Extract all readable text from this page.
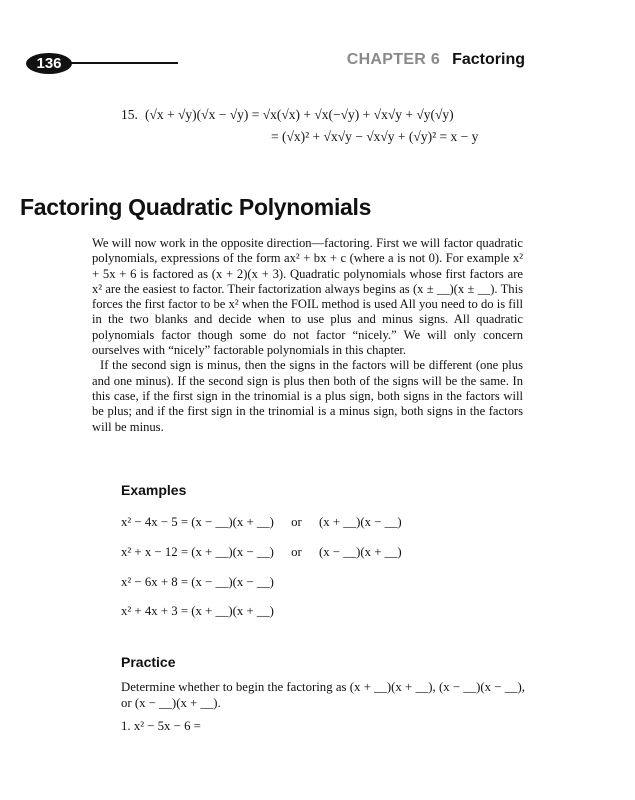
136	CHAPTER 6 Factoring
15. (√x + √y)(√x − √y) = √x(√x) + √x(−√y) + √x√y + √y(√y)
= (√x)² + √x√y − √x√y + (√y)² = x − y
Factoring Quadratic Polynomials

We will now work in the opposite direction—factoring. First we will factor quadratic polynomials, expressions of the form ax² + bx + c (where a is not 0). For example x² + 5x + 6 is factored as (x + 2)(x + 3). Quadratic polynomials whose first factors are x² are the easiest to factor. Their factorization always begins as (x ± __)(x ± __). This forces the first factor to be x² when the FOIL method is used All you need to do is fill in the two blanks and decide when to use plus and minus signs. All quadratic polynomials factor though some do not factor “nicely.” We will only concern ourselves with “nicely” factorable polynomials in this chapter.

If the second sign is minus, then the signs in the factors will be different (one plus and one minus). If the second sign is plus then both of the signs will be the same. In this case, if the first sign in the trinomial is a plus sign, both signs in the factors will be plus; and if the first sign in the trinomial is a minus sign, both signs in the factors will be minus.

Examples
x² − 4x − 5 = (x − __)(x + __) or (x + __)(x − __)
x² + x − 12 = (x + __)(x − __) or (x − __)(x + __)
x² − 6x + 8 = (x − __)(x − __)
x² + 4x + 3 = (x + __)(x + __)
Practice

Determine whether to begin the factoring as (x + __)(x + __), (x − __)(x − __), or (x − __)(x + __).

1. x² − 5x − 6 =
